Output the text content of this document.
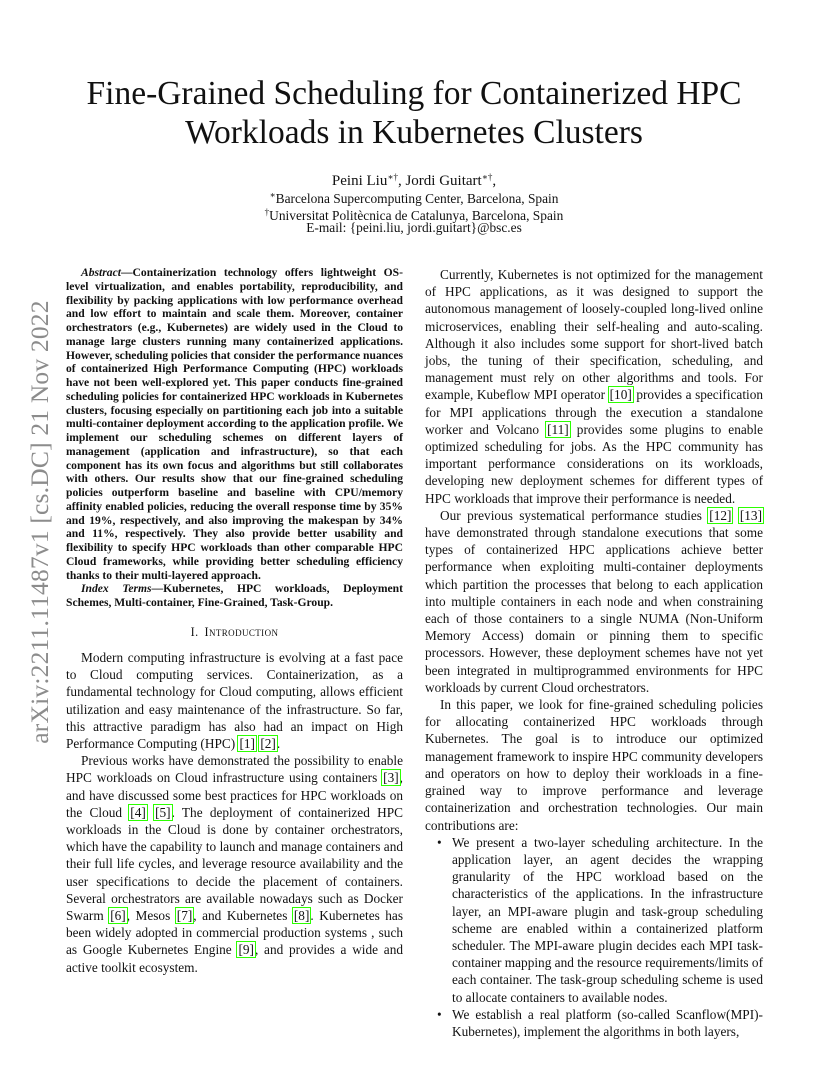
arXiv:2211.11487v1 [cs.DC] 21 Nov 2022
Fine-Grained Scheduling for Containerized HPC Workloads in Kubernetes Clusters
Peini Liu∗†, Jordi Guitart∗†,
∗Barcelona Supercomputing Center, Barcelona, Spain
†Universitat Politècnica de Catalunya, Barcelona, Spain
E-mail: {peini.liu, jordi.guitart}@bsc.es

Abstract—Containerization technology offers lightweight OS-level virtualization, and enables portability, reproducibility, and flexibility by packing applications with low performance overhead and low effort to maintain and scale them. Moreover, container orchestrators (e.g., Kubernetes) are widely used in the Cloud to manage large clusters running many containerized applications. However, scheduling policies that consider the performance nuances of containerized High Performance Computing (HPC) workloads have not been well-explored yet. This paper conducts fine-grained scheduling policies for containerized HPC workloads in Kubernetes clusters, focusing especially on partitioning each job into a suitable multi-container deployment according to the application profile. We implement our scheduling schemes on different layers of management (application and infrastructure), so that each component has its own focus and algorithms but still collaborates with others. Our results show that our fine-grained scheduling policies outperform baseline and baseline with CPU/memory affinity enabled policies, reducing the overall response time by 35% and 19%, respectively, and also improving the makespan by 34% and 11%, respectively. They also provide better usability and flexibility to specify HPC workloads than other comparable HPC Cloud frameworks, while providing better scheduling efficiency thanks to their multi-layered approach.

Index Terms—Kubernetes, HPC workloads, Deployment Schemes, Multi-container, Fine-Grained, Task-Group.

I. Introduction

Modern computing infrastructure is evolving at a fast pace to Cloud computing services. Containerization, as a fundamental technology for Cloud computing, allows efficient utilization and easy maintenance of the infrastructure. So far, this attractive paradigm has also had an impact on High Performance Computing (HPC) [1] [2].

Previous works have demonstrated the possibility to enable HPC workloads on Cloud infrastructure using containers [3], and have discussed some best practices for HPC workloads on the Cloud [4] [5]. The deployment of containerized HPC workloads in the Cloud is done by container orchestrators, which have the capability to launch and manage containers and their full life cycles, and leverage resource availability and the user specifications to decide the placement of containers. Several orchestrators are available nowadays such as Docker Swarm [6], Mesos [7], and Kubernetes [8]. Kubernetes has been widely adopted in commercial production systems , such as Google Kubernetes Engine [9], and provides a wide and active toolkit ecosystem.

Currently, Kubernetes is not optimized for the management of HPC applications, as it was designed to support the autonomous management of loosely-coupled long-lived online microservices, enabling their self-healing and auto-scaling. Although it also includes some support for short-lived batch jobs, the tuning of their specification, scheduling, and management must rely on other algorithms and tools. For example, Kubeflow MPI operator [10] provides a specification for MPI applications through the execution a standalone worker and Volcano [11] provides some plugins to enable optimized scheduling for jobs. As the HPC community has important performance considerations on its workloads, developing new deployment schemes for different types of HPC workloads that improve their performance is needed.

Our previous systematical performance studies [12] [13] have demonstrated through standalone executions that some types of containerized HPC applications achieve better performance when exploiting multi-container deployments which partition the processes that belong to each application into multiple containers in each node and when constraining each of those containers to a single NUMA (Non-Uniform Memory Access) domain or pinning them to specific processors. However, these deployment schemes have not yet been integrated in multiprogrammed environments for HPC workloads by current Cloud orchestrators.

In this paper, we look for fine-grained scheduling policies for allocating containerized HPC workloads through Kubernetes. The goal is to introduce our optimized management framework to inspire HPC community developers and operators on how to deploy their workloads in a fine-grained way to improve performance and leverage containerization and orchestration technologies. Our main contributions are:

• We present a two-layer scheduling architecture. In the application layer, an agent decides the wrapping granularity of the HPC workload based on the characteristics of the applications. In the infrastructure layer, an MPI-aware plugin and task-group scheduling scheme are enabled within a containerized platform scheduler. The MPI-aware plugin decides each MPI task-container mapping and the resource requirements/limits of each container. The task-group scheduling scheme is used to allocate containers to available nodes.
• We establish a real platform (so-called Scanflow(MPI)-Kubernetes), implement the algorithms in both layers,
